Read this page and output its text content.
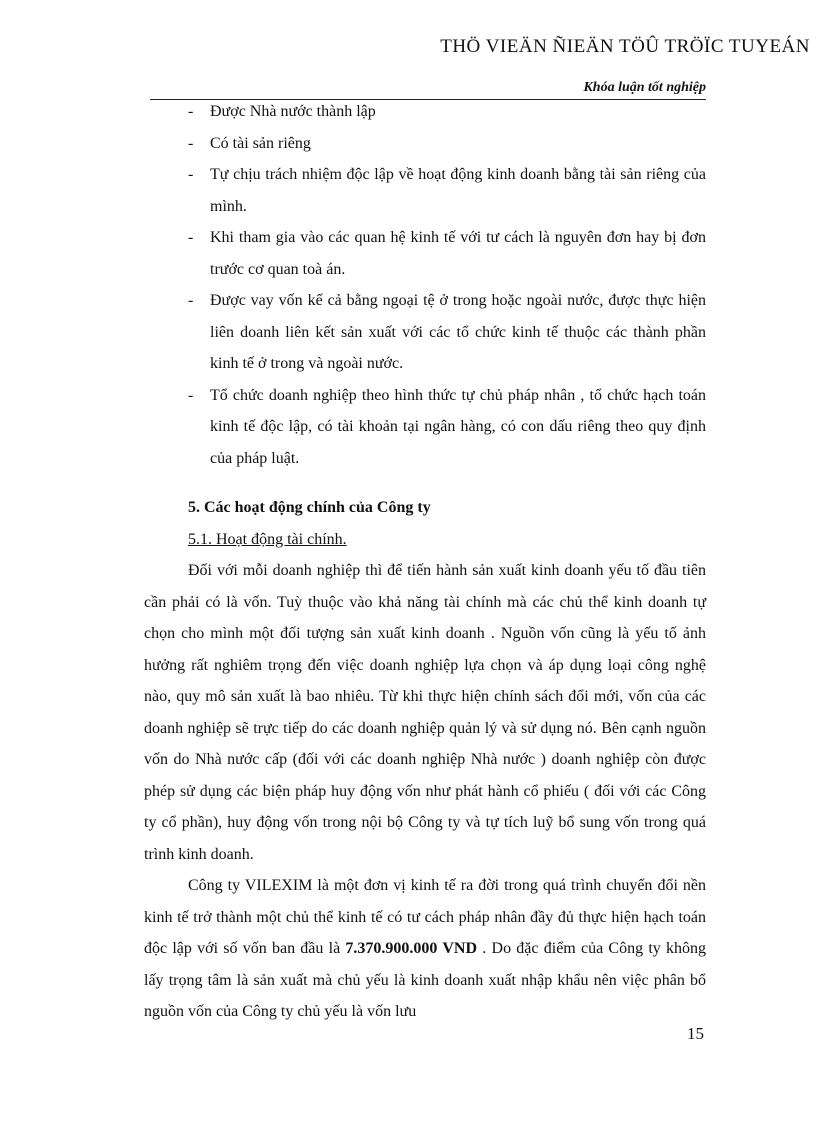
THÖ VIEÄN ÑIEÄN TÖÛ TRÖÏC TUYEÁN
Khóa luận tốt nghiệp
- Được Nhà nước thành lập
- Có tài sản riêng
- Tự chịu trách nhiệm độc lập về hoạt động kinh doanh bằng tài sản riêng của mình.
- Khi tham gia vào các quan hệ kinh tế với tư cách là nguyên đơn hay bị đơn trước cơ quan toà án.
- Được vay vốn kể cả bằng ngoại tệ ở trong hoặc ngoài nước, được thực hiện liên doanh liên kết sản xuất với các tổ chức kinh tế thuộc các thành phần kinh tế ở trong và ngoài nước.
- Tổ chức doanh nghiệp theo hình thức tự chủ pháp nhân , tổ chức hạch toán kinh tế độc lập, có tài khoản tại ngân hàng, có con dấu riêng theo quy định của pháp luật.
5. Các hoạt động chính của Công ty
5.1. Hoạt động tài chính.

Đối với mỗi doanh nghiệp thì để tiến hành sản xuất kinh doanh yếu tố đầu tiên cần phải có là vốn. Tuỳ thuộc vào khả năng tài chính mà các chủ thể kinh doanh tự chọn cho mình một đối tượng sản xuất kinh doanh . Nguồn vốn cũng là yếu tố ảnh hưởng rất nghiêm trọng đến việc doanh nghiệp lựa chọn và áp dụng loại công nghệ nào, quy mô sản xuất là bao nhiêu. Từ khi thực hiện chính sách đổi mới, vốn của các doanh nghiệp sẽ trực tiếp do các doanh nghiệp quản lý và sử dụng nó. Bên cạnh nguồn vốn do Nhà nước cấp (đối với các doanh nghiệp Nhà nước ) doanh nghiệp còn được phép sử dụng các biện pháp huy động vốn như phát hành cổ phiếu ( đối với các Công ty cổ phần), huy động vốn trong nội bộ Công ty và tự tích luỹ bổ sung vốn trong quá trình kinh doanh.

Công ty VILEXIM là một đơn vị kinh tế ra đời trong quá trình chuyển đổi nền kinh tế trở thành một chủ thể kinh tế có tư cách pháp nhân đầy đủ thực hiện hạch toán độc lập với số vốn ban đầu là 7.370.900.000 VND . Do đặc điểm của Công ty không lấy trọng tâm là sản xuất mà chủ yếu là kinh doanh xuất nhập khẩu nên việc phân bổ nguồn vốn của Công ty chủ yếu là vốn lưu

15
